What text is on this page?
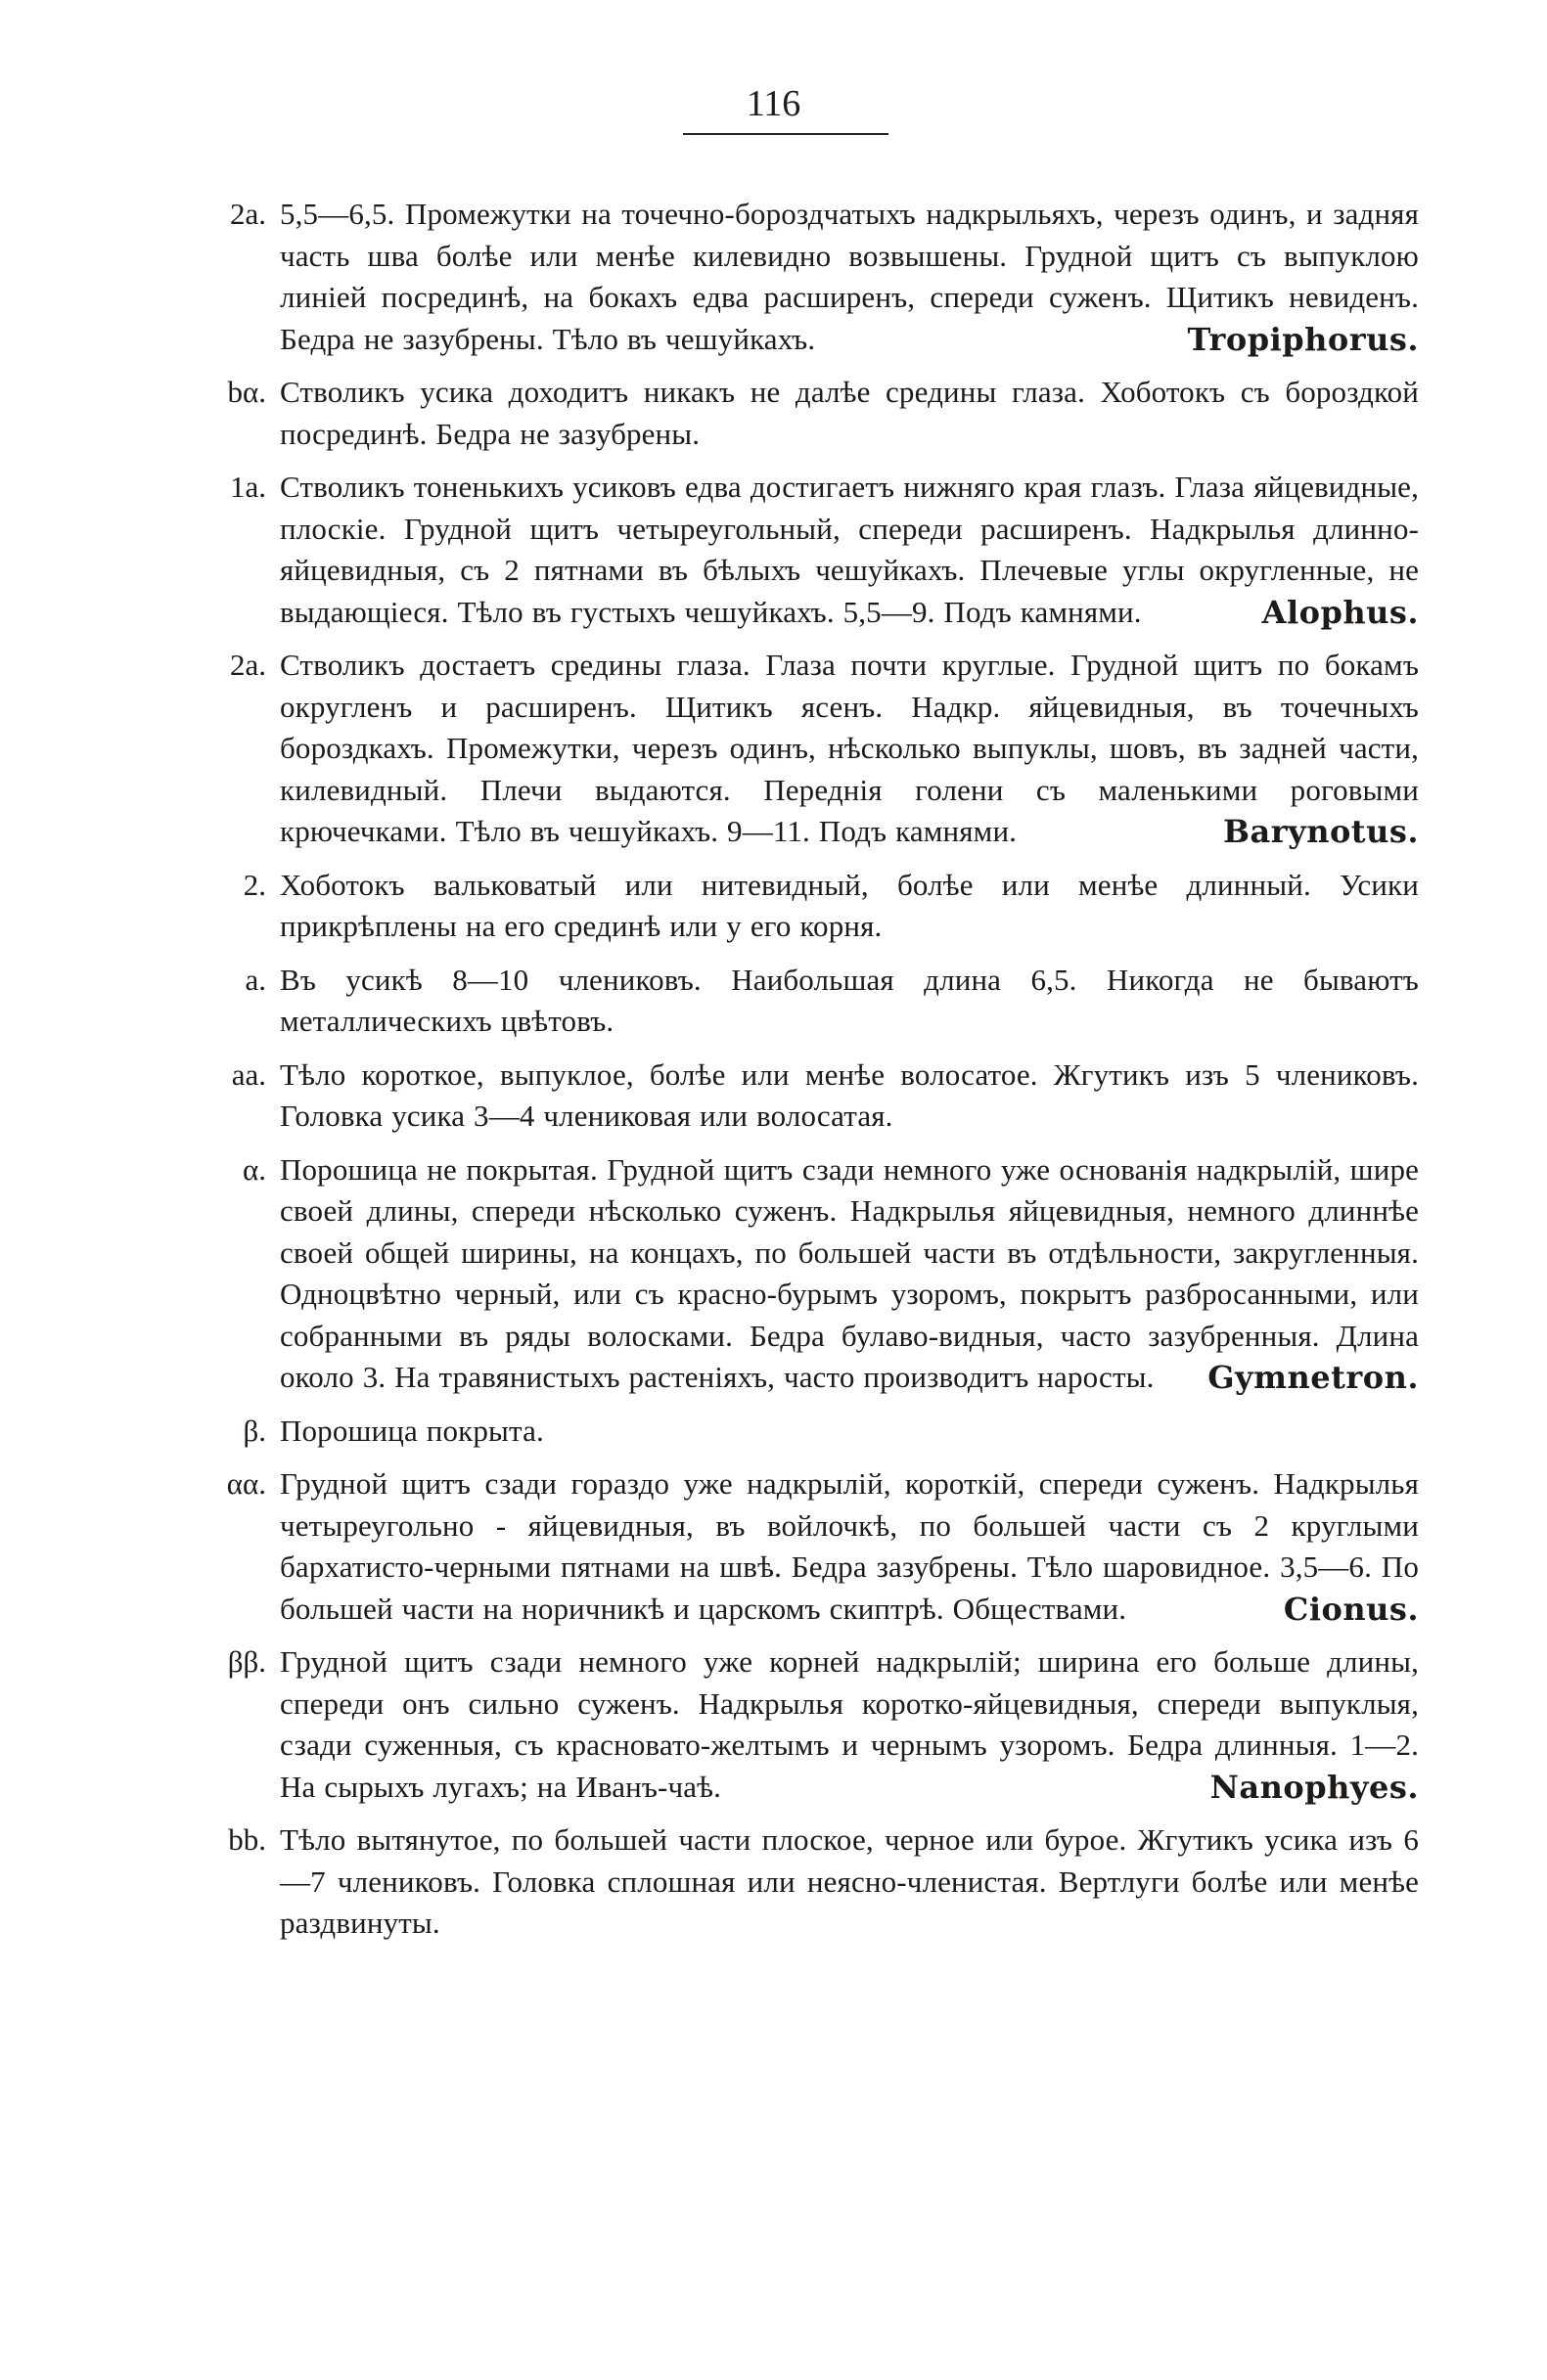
116
2a. 5,5—6,5. Промежутки на точечно-бороздчатыхъ надкрыльяхъ, черезъ одинъ, и задняя часть шва болѣе или менѣе килевидно возвышены. Грудной щитъ съ выпуклою линіей посрединѣ, на бокахъ едва расширенъ, спереди суженъ. Щитикъ невиденъ. Бедра не зазубрены. Тѣло въ чешуйкахъ.	Tropiphorus.

bα. Стволикъ усика доходитъ никакъ не далѣе средины глаза. Хоботокъ съ бороздкой посрединѣ. Бедра не зазубрены.

1a. Стволикъ тоненькихъ усиковъ едва достигаетъ нижняго края глазъ. Глаза яйцевидные, плоскіе. Грудной щитъ четыреугольный, спереди расширенъ. Надкрылья длинно-яйцевидныя, съ 2 пятнами въ бѣлыхъ чешуйкахъ. Плечевые углы округленные, не выдающіеся. Тѣло въ густыхъ чешуйкахъ. 5,5—9. Подъ камнями.	Alophus.

2a. Стволикъ достаетъ средины глаза. Глаза почти круглые. Грудной щитъ по бокамъ округленъ и расширенъ. Щитикъ ясенъ. Надкр. яйцевидныя, въ точечныхъ бороздкахъ. Промежутки, черезъ одинъ, нѣсколько выпуклы, шовъ, въ задней части, килевидный. Плечи выдаются. Переднія голени съ маленькими роговыми крючечками. Тѣло въ чешуйкахъ. 9—11. Подъ камнями.	Barynotus.

2. Хоботокъ вальковатый или нитевидный, болѣе или менѣе длинный. Усики прикрѣплены на его срединѣ или у его корня.

a. Въ усикѣ 8—10 члениковъ. Наибольшая длина 6,5. Никогда не бываютъ металлическихъ цвѣтовъ.

aa. Тѣло короткое, выпуклое, болѣе или менѣе волосатое. Жгутикъ изъ 5 члениковъ. Головка усика 3—4 члениковая или волосатая.

α. Порошица не покрытая. Грудной щитъ сзади немного уже основанія надкрылій, шире своей длины, спереди нѣсколько суженъ. Надкрылья яйцевидныя, немного длиннѣе своей общей ширины, на концахъ, по большей части въ отдѣльности, закругленныя. Одноцвѣтно черный, или съ красно-бурымъ узоромъ, покрытъ разбросанными, или собранными въ ряды волосками. Бедра булаво-видныя, часто зазубренныя. Длина около 3. На травянистыхъ растеніяхъ, часто производитъ наросты.	Gymnetron.

β. Порошица покрыта.

αα. Грудной щитъ сзади гораздо уже надкрылій, короткій, спереди суженъ. Надкрылья четыреугольно - яйцевидныя, въ войлочкѣ, по большей части съ 2 круглыми бархатисто-черными пятнами на швѣ. Бедра зазубрены. Тѣло шаровидное. 3,5—6. По большей части на норичникѣ и царскомъ скиптрѣ. Обществами.	Cionus.

ββ. Грудной щитъ сзади немного уже корней надкрылій; ширина его больше длины, спереди онъ сильно суженъ. Надкрылья коротко-яйцевидныя, спереди выпуклыя, сзади суженныя, съ красновато-желтымъ и чернымъ узоромъ. Бедра длинныя. 1—2. На сырыхъ лугахъ; на Иванъ-чаѣ.	Nanophyes.

bb. Тѣло вытянутое, по большей части плоское, черное или бурое. Жгутикъ усика изъ 6—7 члениковъ. Головка сплошная или неясно-членистая. Вертлуги болѣе или менѣе раздвинуты.
